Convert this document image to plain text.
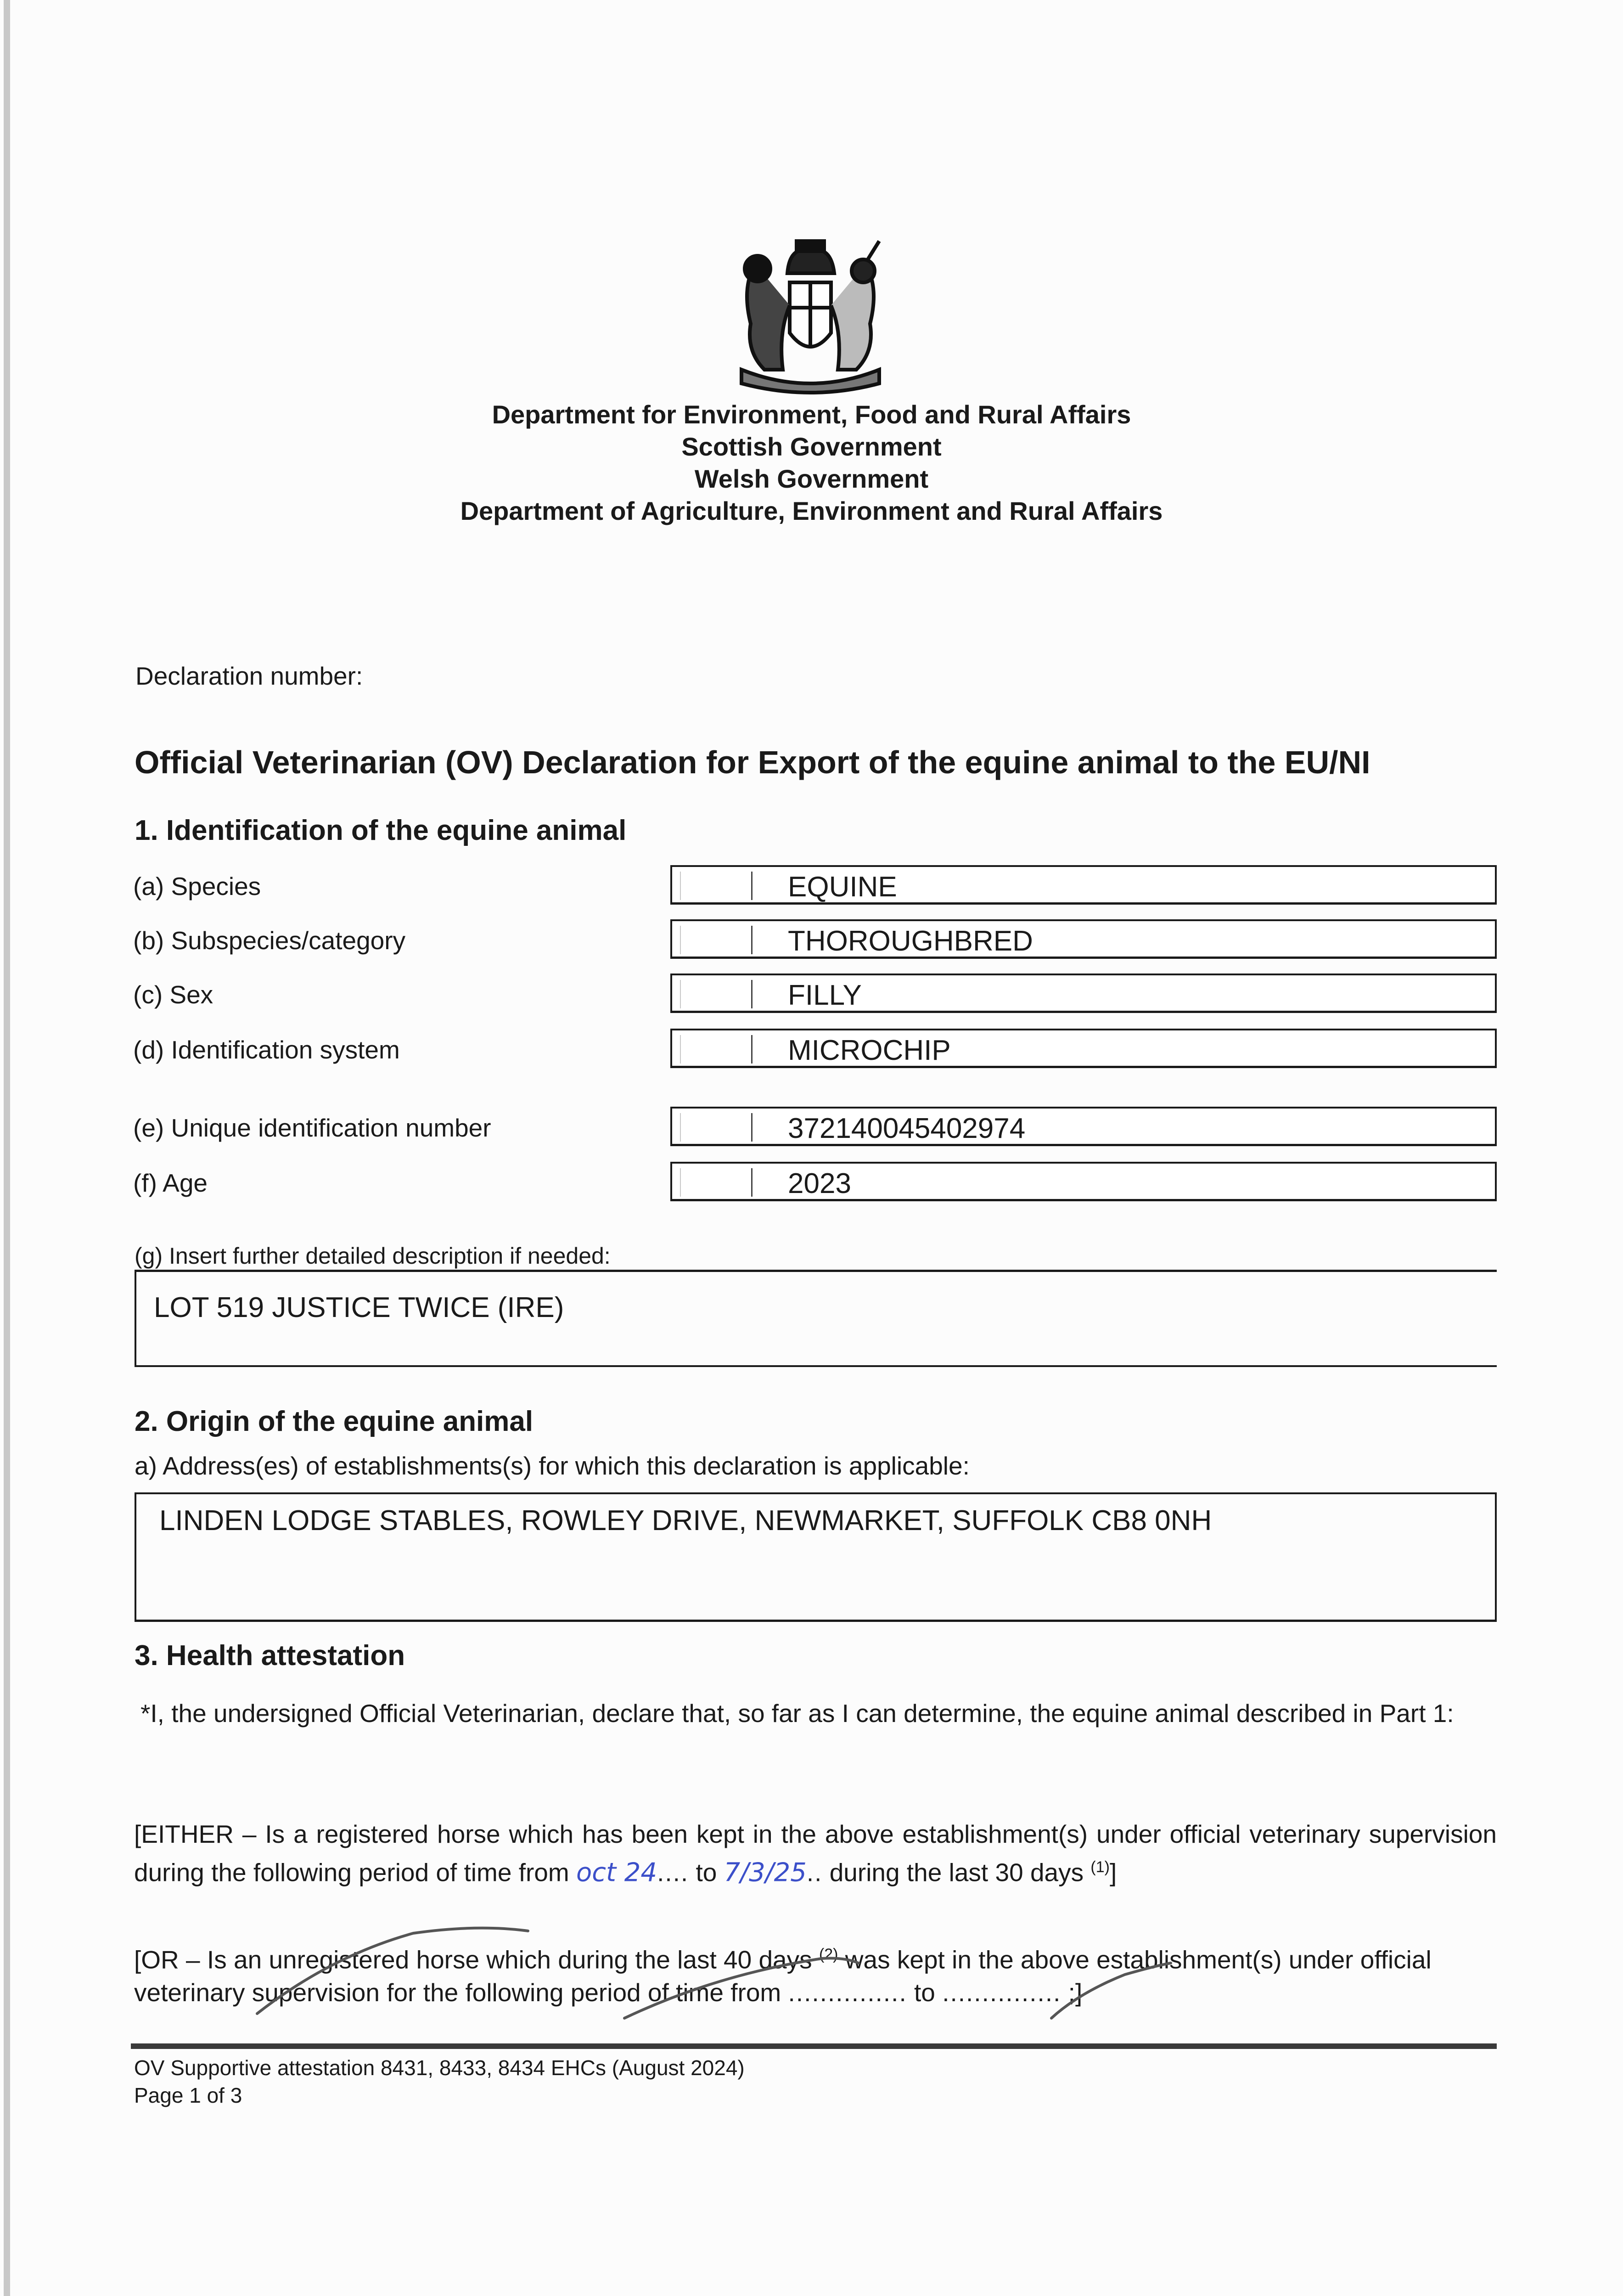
Department for Environment, Food and Rural Affairs
Scottish Government
Welsh Government
Department of Agriculture, Environment and Rural Affairs
Declaration number:
Official Veterinarian (OV) Declaration for Export of the equine animal to the EU/NI
1. Identification of the equine animal
(a) Species	EQUINE
(b) Subspecies/category	THOROUGHBRED
(c) Sex	FILLY
(d) Identification system	MICROCHIP
(e) Unique identification number	372140045402974
(f) Age	2023
(g) Insert further detailed description if needed:
LOT 519 JUSTICE TWICE (IRE)
2. Origin of the equine animal
a) Address(es) of establishments(s) for which this declaration is applicable:
LINDEN LODGE STABLES, ROWLEY DRIVE, NEWMARKET, SUFFOLK CB8 0NH
3. Health attestation
*I, the undersigned Official Veterinarian, declare that, so far as I can determine, the equine animal described in Part 1:
[EITHER – Is a registered horse which has been kept in the above establishment(s) under official veterinary supervision during the following period of time from oct 24.... to 7/3/25.. during the last 30 days $^{(1)}$]
[OR – Is an unregistered horse which during the last 40 days $^{(2)}$ was kept in the above establishment(s) under official veterinary supervision for the following period of time from ............... to ............... ;]
OV Supportive attestation 8431, 8433, 8434 EHCs (August 2024)
Page 1 of 3
